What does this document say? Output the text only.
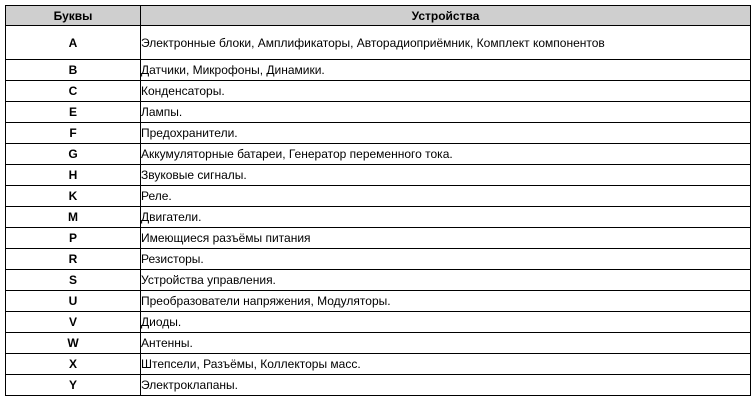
Буквы	Устройства
A	Электронные блоки, Амплификаторы, Авторадиоприёмник, Комплект компонентов
B	Датчики, Микрофоны, Динамики.
C	Конденсаторы.
E	Лампы.
F	Предохранители.
G	Аккумуляторные батареи, Генератор переменного тока.
H	Звуковые сигналы.
K	Реле.
M	Двигатели.
P	Имеющиеся разъёмы питания
R	Резисторы.
S	Устройства управления.
U	Преобразователи напряжения, Модуляторы.
V	Диоды.
W	Антенны.
X	Штепсели, Разъёмы, Коллекторы масс.
Y	Электроклапаны.
